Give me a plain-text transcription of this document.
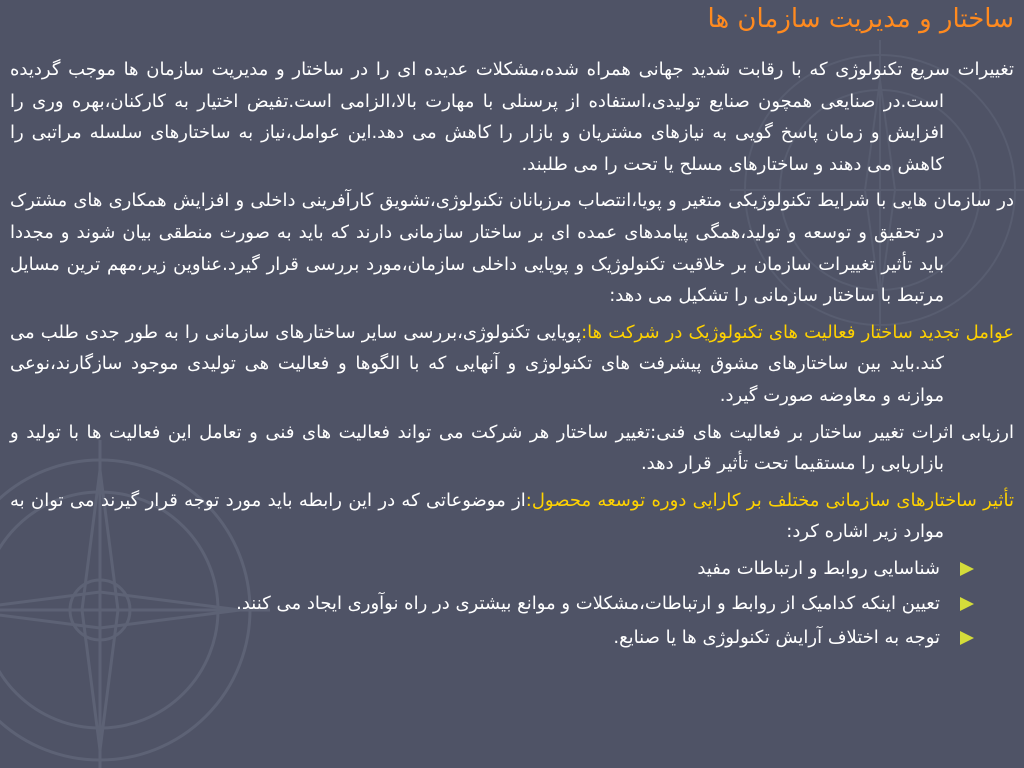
ساختار و مدیریت سازمان ها

تغییرات سریع تکنولوژی که با رقابت شدید جهانی همراه شده،مشکلات عدیده ای را در ساختار و مدیریت سازمان ها موجب گردیده است.در صنایعی همچون صنایع تولیدی،استفاده از پرسنلی با مهارت بالا،الزامی است.تفیض اختیار به کارکنان،بهره وری را افزایش و زمان پاسخ گویی به نیازهای مشتریان و بازار را کاهش می دهد.این عوامل،نیاز به ساختارهای سلسله مراتبی را کاهش می دهند و ساختارهای مسلح یا تحت را می طلبند.

در سازمان هایی با شرایط تکنولوژیکی متغیر و پویا،انتصاب مرزبانان تکنولوژی،تشویق کارآفرینی داخلی و افزایش همکاری های مشترک در تحقیق و توسعه و تولید،همگی پیامدهای عمده ای بر ساختار سازمانی دارند که باید به صورت منطقی بیان شوند و مجددا باید تأثیر تغییرات سازمان بر خلاقیت تکنولوژیک و پویایی داخلی سازمان،مورد بررسی قرار گیرد.عناوین زیر،مهم ترین مسایل مرتبط با ساختار سازمانی را تشکیل می دهد:

عوامل تجدید ساختار فعالیت های تکنولوژیک در شرکت ها:پویایی تکنولوژی،بررسی سایر ساختارهای سازمانی را به طور جدی طلب می کند.باید بین ساختارهای مشوق پیشرفت های تکنولوژی و آنهایی که با الگوها و فعالیت هی تولیدی موجود سازگارند،نوعی موازنه و معاوضه صورت گیرد.

ارزیابی اثرات تغییر ساختار بر فعالیت های فنی:تغییر ساختار هر شرکت می تواند فعالیت های فنی و تعامل این فعالیت ها با تولید و بازاریابی را مستقیما تحت تأثیر قرار دهد.

تأثیر ساختارهای سازمانی مختلف بر کارایی دوره توسعه محصول:از موضوعاتی که در این رابطه باید مورد توجه قرار گیرند می توان به موارد زیر اشاره کرد:

شناسایی روابط و ارتباطات مفید
تعیین اینکه کدامیک از روابط و ارتباطات،مشکلات و موانع بیشتری در راه نوآوری ایجاد می کنند.
توجه به اختلاف آرایش تکنولوژی ها یا صنایع.
